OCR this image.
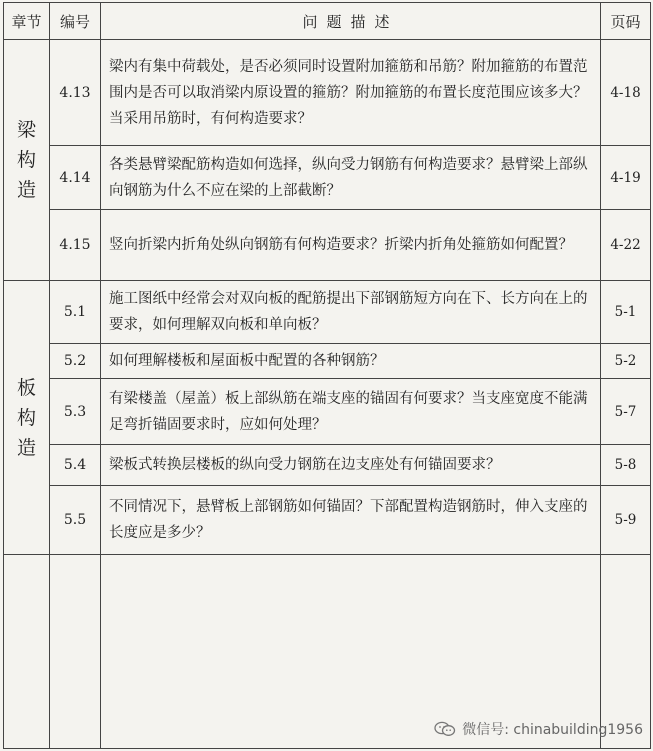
章节	编号	问题描述	页码

梁
构
造	4.13	梁内有集中荷载处，是否必须同时设置附加箍筋和吊筋？附加箍筋的布置范围内是否可以取消梁内原设置的箍筋？附加箍筋的布置长度范围应该多大？当采用吊筋时，有何构造要求？	4-18
	4.14	各类悬臂梁配筋构造如何选择，纵向受力钢筋有何构造要求？悬臂梁上部纵向钢筋为什么不应在梁的上部截断？	4-19
	4.15	竖向折梁内折角处纵向钢筋有何构造要求？折梁内折角处箍筋如何配置？	4-22

板
构
造	5.1	施工图纸中经常会对双向板的配筋提出下部钢筋短方向在下、长方向在上的要求，如何理解双向板和单向板？	5-1
	5.2	如何理解楼板和屋面板中配置的各种钢筋？	5-2
	5.3	有梁楼盖（屋盖）板上部纵筋在端支座的锚固有何要求？当支座宽度不能满足弯折锚固要求时，应如何处理？	5-7
	5.4	梁板式转换层楼板的纵向受力钢筋在边支座处有何锚固要求？	5-8
	5.5	不同情况下，悬臂板上部钢筋如何锚固？下部配置构造钢筋时，伸入支座的长度应是多少？	5-9

微信号: chinabuilding1956
